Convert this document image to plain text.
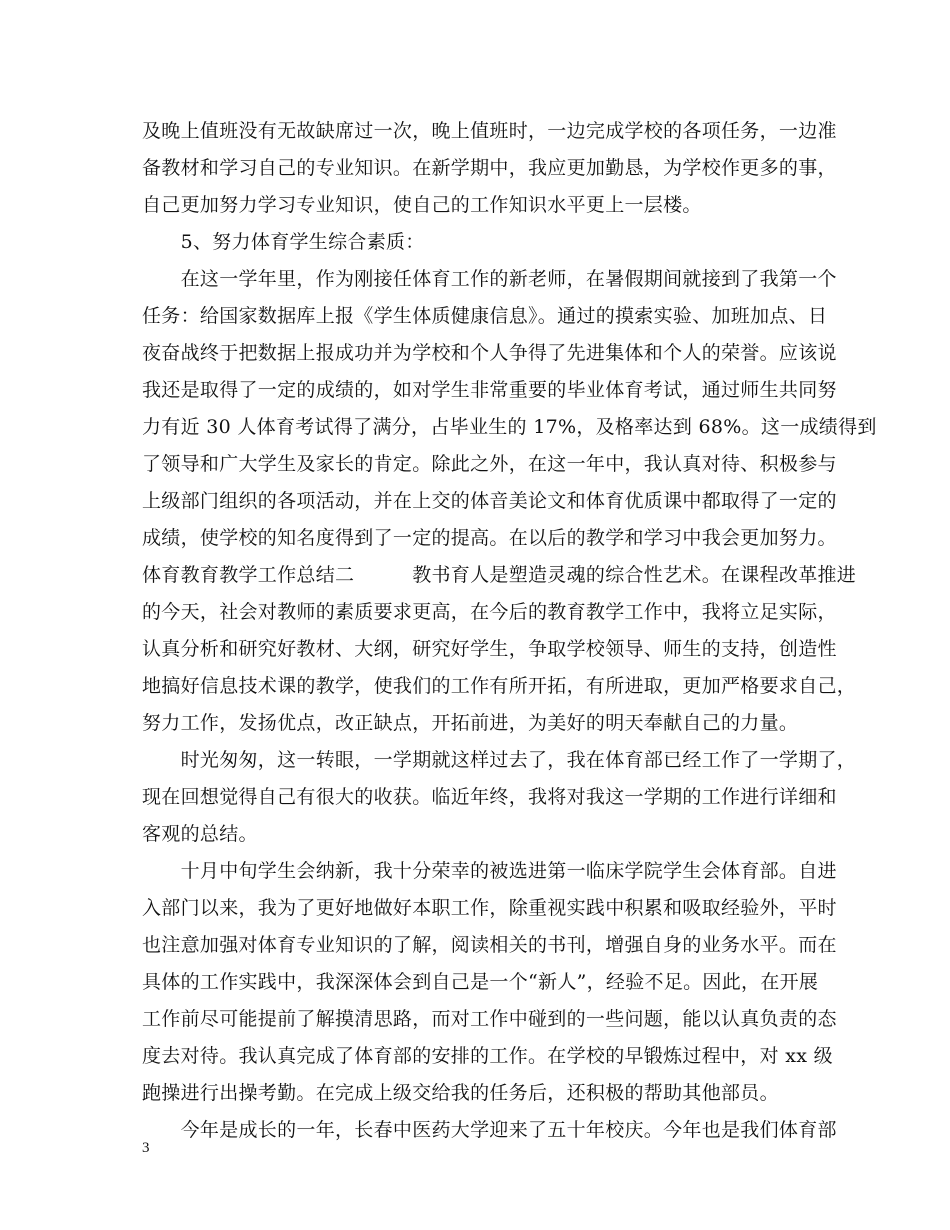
及晚上值班没有无故缺席过一次，晚上值班时，一边完成学校的各项任务，一边准
备教材和学习自己的专业知识。在新学期中，我应更加勤恳，为学校作更多的事，
自己更加努力学习专业知识，使自己的工作知识水平更上一层楼。
　　5、努力体育学生综合素质：
　　在这一学年里，作为刚接任体育工作的新老师，在暑假期间就接到了我第一个
任务：给国家数据库上报《学生体质健康信息》。通过的摸索实验、加班加点、日
夜奋战终于把数据上报成功并为学校和个人争得了先进集体和个人的荣誉。应该说
我还是取得了一定的成绩的，如对学生非常重要的毕业体育考试，通过师生共同努
力有近 30 人体育考试得了满分，占毕业生的 17%，及格率达到 68%。这一成绩得到
了领导和广大学生及家长的肯定。除此之外，在这一年中，我认真对待、积极参与
上级部门组织的各项活动，并在上交的体音美论文和体育优质课中都取得了一定的
成绩，使学校的知名度得到了一定的提高。在以后的教学和学习中我会更加努力。
体育教育教学工作总结二　　　教书育人是塑造灵魂的综合性艺术。在课程改革推进
的今天，社会对教师的素质要求更高，在今后的教育教学工作中，我将立足实际，
认真分析和研究好教材、大纲，研究好学生，争取学校领导、师生的支持，创造性
地搞好信息技术课的教学，使我们的工作有所开拓，有所进取，更加严格要求自己，
努力工作，发扬优点，改正缺点，开拓前进，为美好的明天奉献自己的力量。
　　时光匆匆，这一转眼，一学期就这样过去了，我在体育部已经工作了一学期了，
现在回想觉得自己有很大的收获。临近年终，我将对我这一学期的工作进行详细和
客观的总结。
　　十月中旬学生会纳新，我十分荣幸的被选进第一临床学院学生会体育部。自进
入部门以来，我为了更好地做好本职工作，除重视实践中积累和吸取经验外，平时
也注意加强对体育专业知识的了解，阅读相关的书刊，增强自身的业务水平。而在
具体的工作实践中，我深深体会到自己是一个“新人”，经验不足。因此，在开展
工作前尽可能提前了解摸清思路，而对工作中碰到的一些问题，能以认真负责的态
度去对待。我认真完成了体育部的安排的工作。在学校的早锻炼过程中，对 xx 级
跑操进行出操考勤。在完成上级交给我的任务后，还积极的帮助其他部员。
　　今年是成长的一年，长春中医药大学迎来了五十年校庆。今年也是我们体育部
3
